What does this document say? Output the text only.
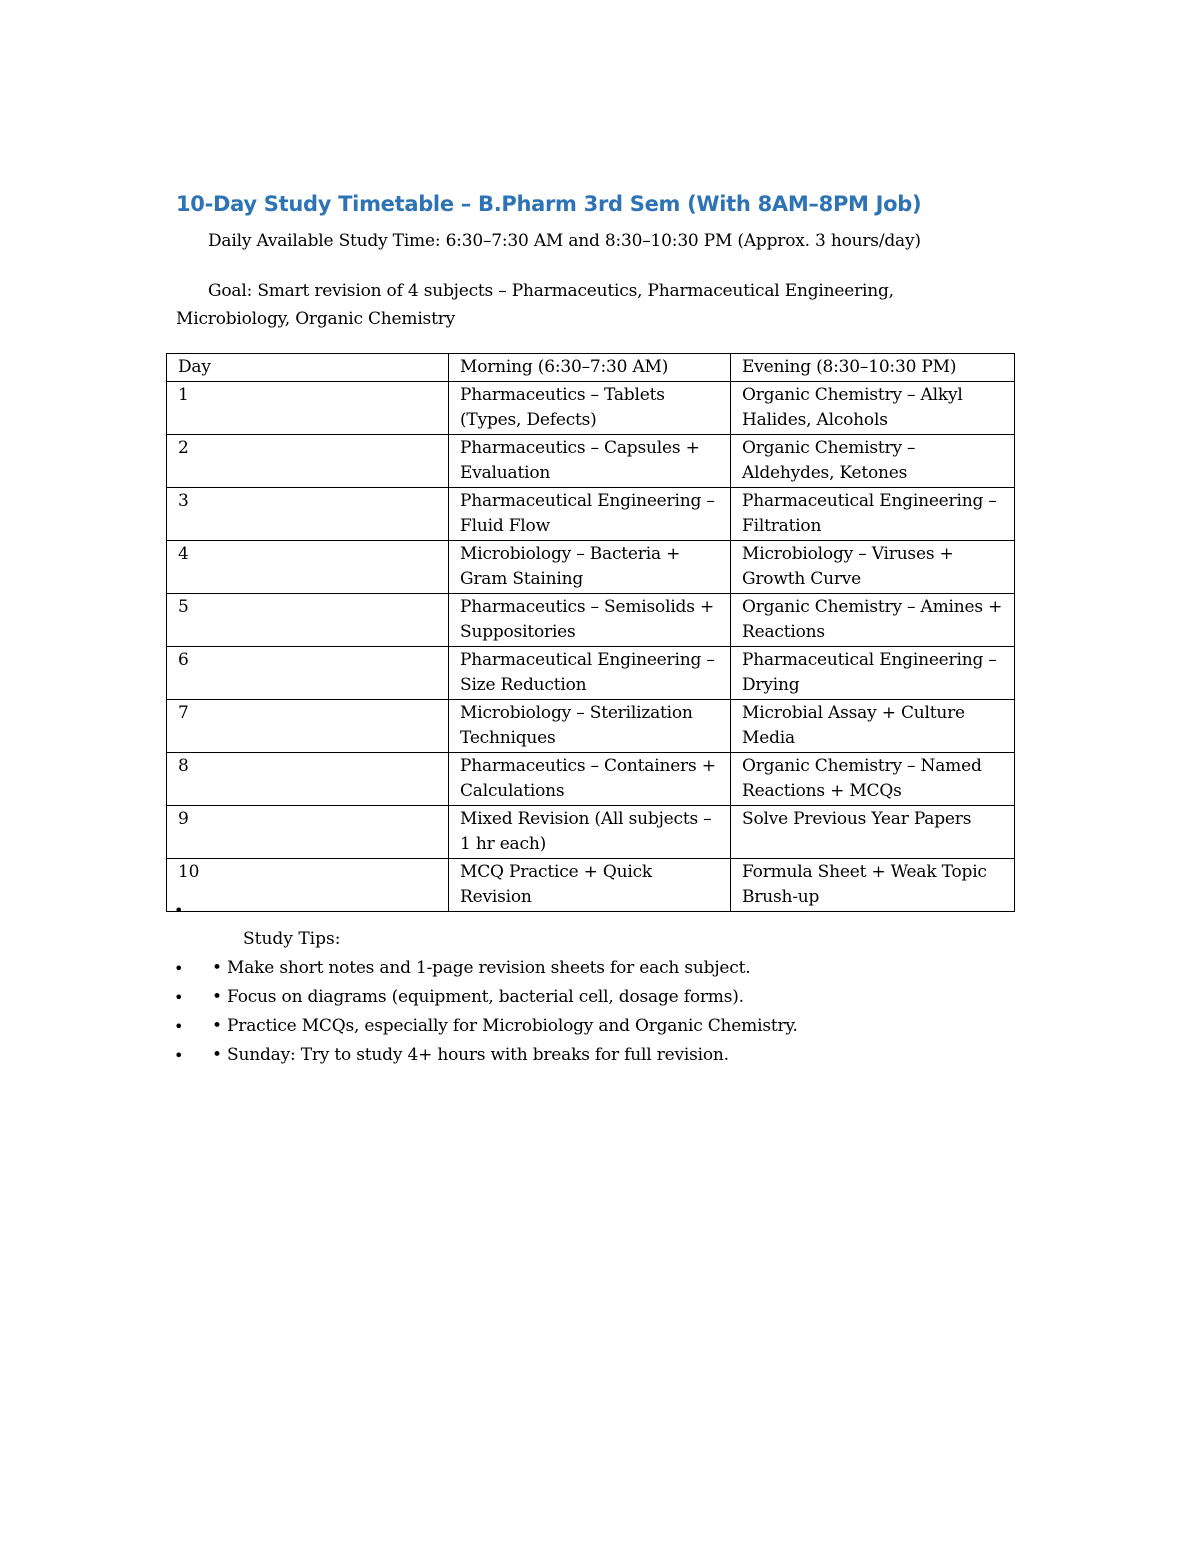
10-Day Study Timetable – B.Pharm 3rd Sem (With 8AM–8PM Job)
Daily Available Study Time: 6:30–7:30 AM and 8:30–10:30 PM (Approx. 3 hours/day)
Goal: Smart revision of 4 subjects – Pharmaceutics, Pharmaceutical Engineering,
Microbiology, Organic Chemistry
Day	Morning (6:30–7:30 AM)	Evening (8:30–10:30 PM)
1	Pharmaceutics – Tablets (Types, Defects)	Organic Chemistry – Alkyl Halides, Alcohols
2	Pharmaceutics – Capsules + Evaluation	Organic Chemistry – Aldehydes, Ketones
3	Pharmaceutical Engineering – Fluid Flow	Pharmaceutical Engineering – Filtration
4	Microbiology – Bacteria + Gram Staining	Microbiology – Viruses + Growth Curve
5	Pharmaceutics – Semisolids + Suppositories	Organic Chemistry – Amines + Reactions
6	Pharmaceutical Engineering – Size Reduction	Pharmaceutical Engineering – Drying
7	Microbiology – Sterilization Techniques	Microbial Assay + Culture Media
8	Pharmaceutics – Containers + Calculations	Organic Chemistry – Named Reactions + MCQs
9	Mixed Revision (All subjects – 1 hr each)	Solve Previous Year Papers
10	MCQ Practice + Quick Revision	Formula Sheet + Weak Topic Brush-up
•
Study Tips:
• • Make short notes and 1-page revision sheets for each subject.
• • Focus on diagrams (equipment, bacterial cell, dosage forms).
• • Practice MCQs, especially for Microbiology and Organic Chemistry.
• • Sunday: Try to study 4+ hours with breaks for full revision.
